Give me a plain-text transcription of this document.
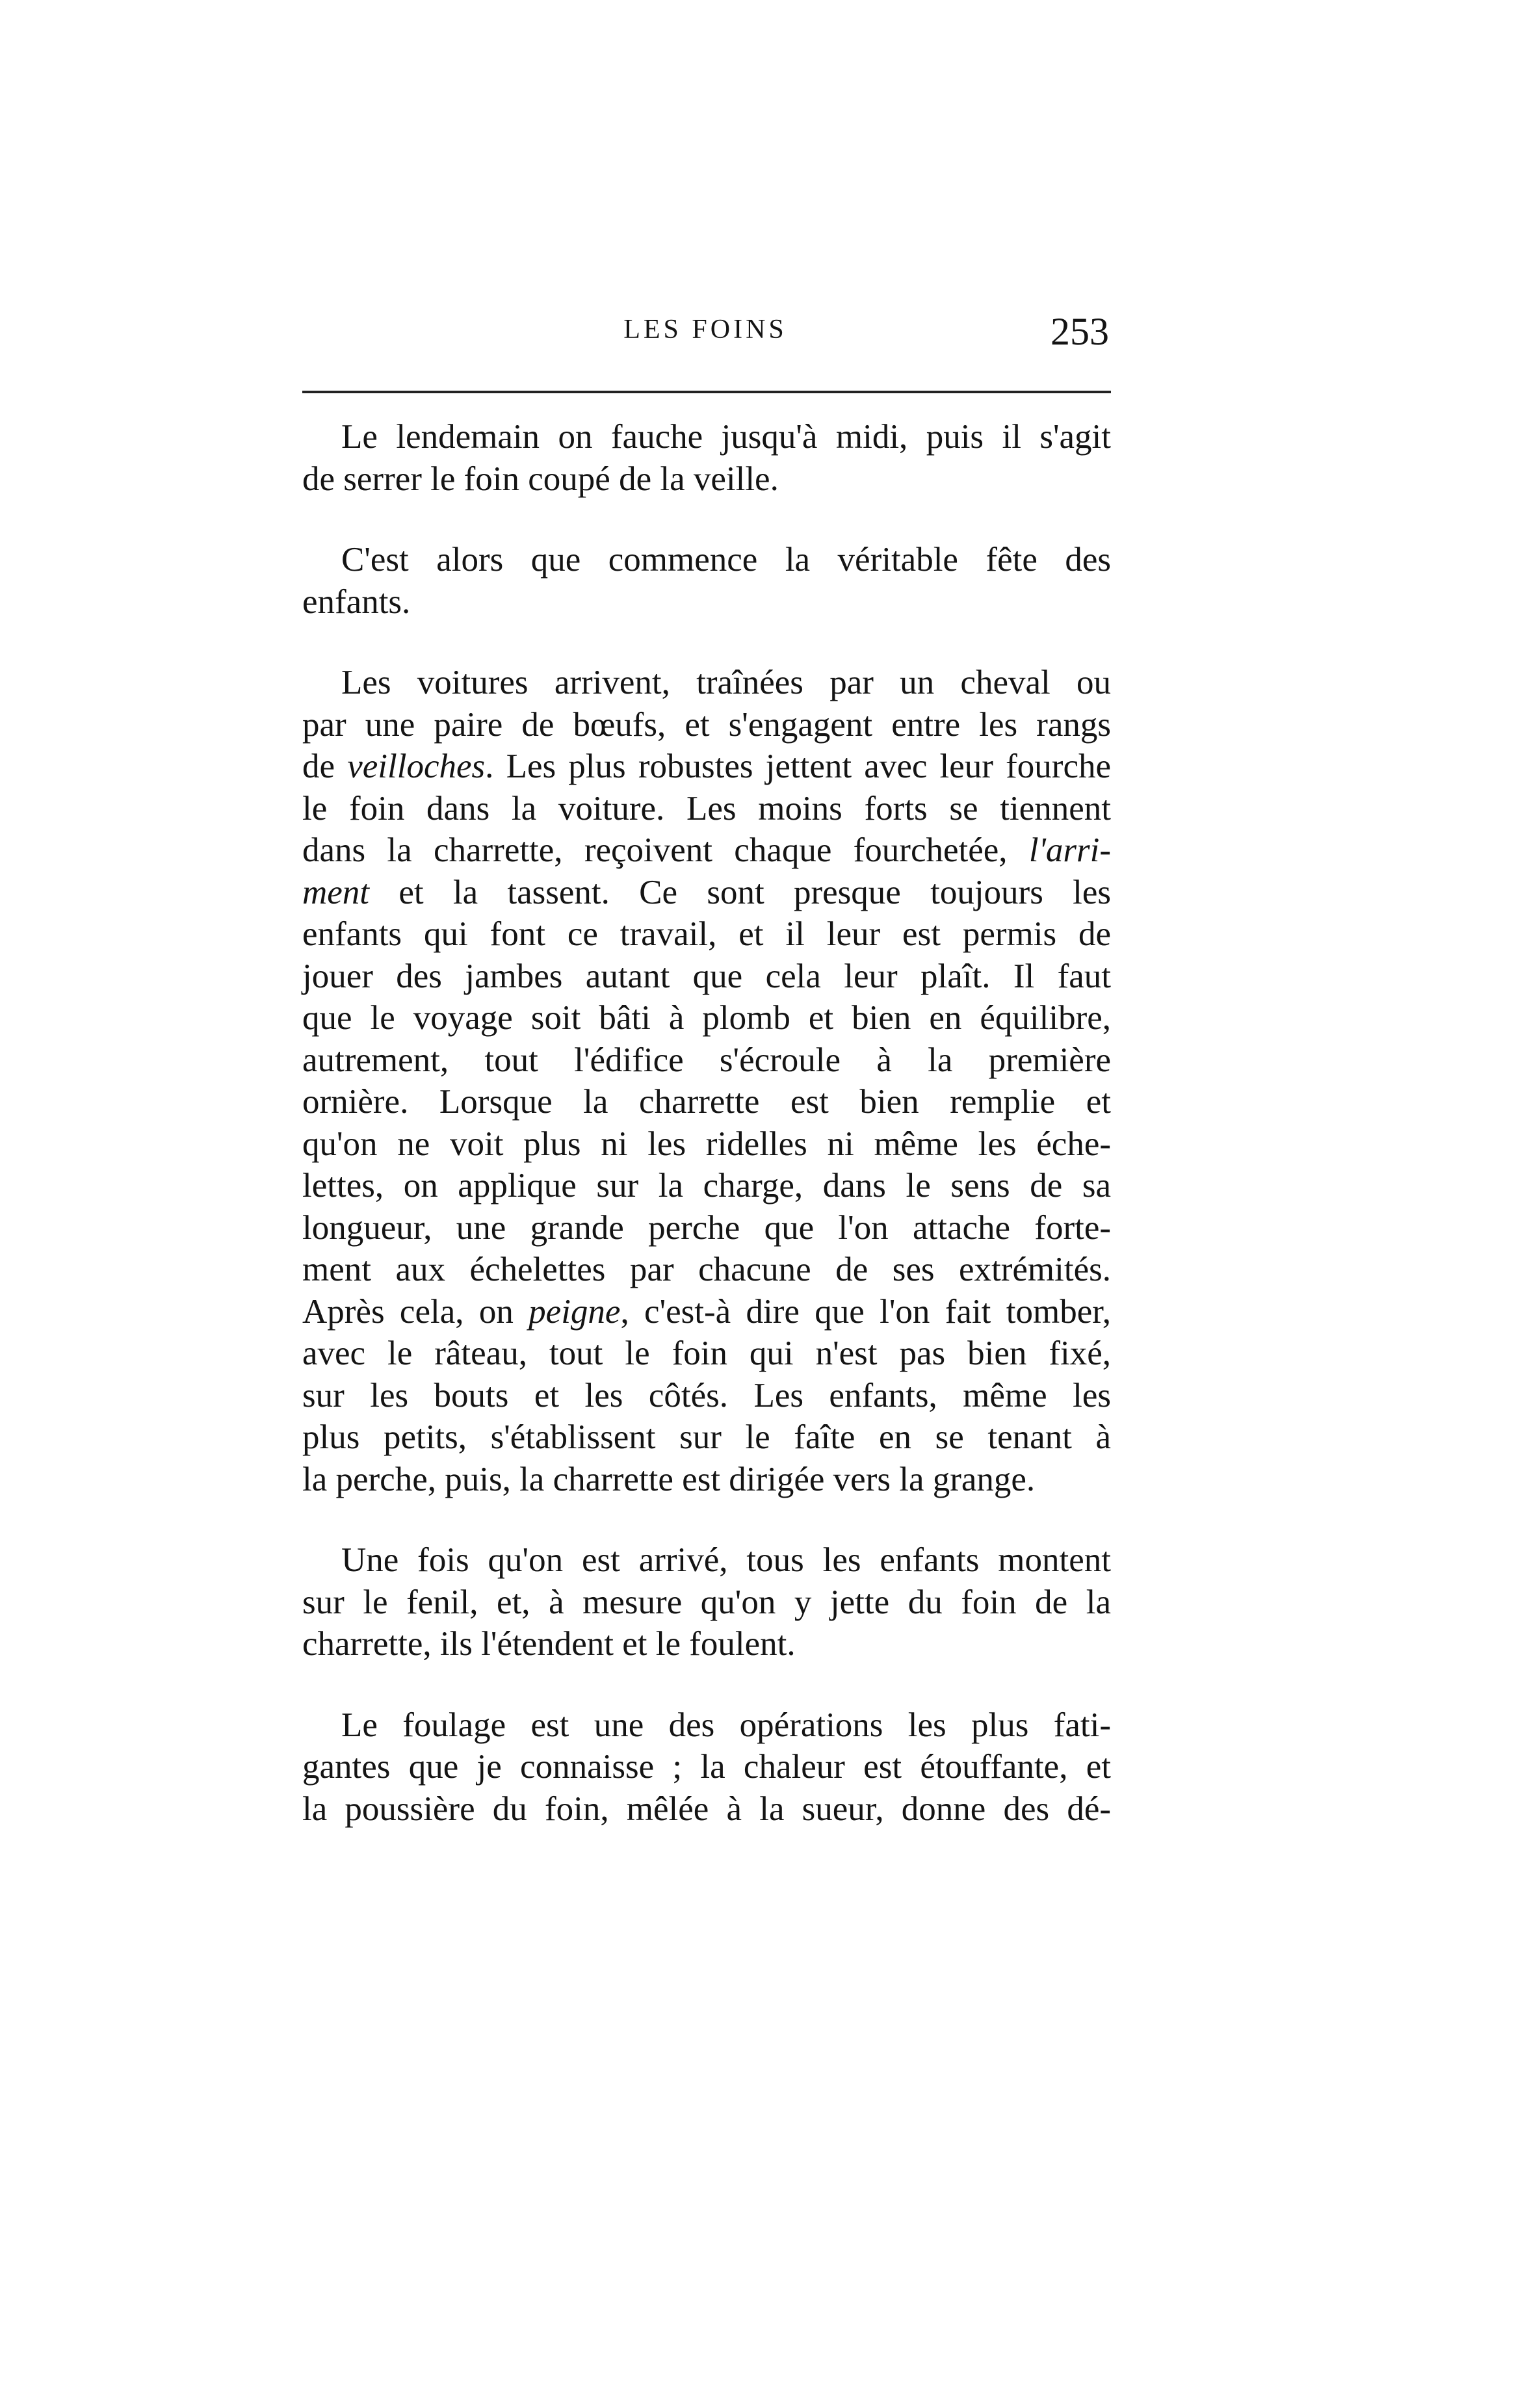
LES FOINS	253

Le lendemain on fauche jusqu'à midi, puis il s'agit
de serrer le foin coupé de la veille.

C'est alors que commence la véritable fête des
enfants.

Les voitures arrivent, traînées par un cheval ou
par une paire de bœufs, et s'engagent entre les rangs
de veilloches. Les plus robustes jettent avec leur fourche
le foin dans la voiture. Les moins forts se tiennent
dans la charrette, reçoivent chaque fourchetée, l'arri-
ment et la tassent. Ce sont presque toujours les
enfants qui font ce travail, et il leur est permis de
jouer des jambes autant que cela leur plaît. Il faut
que le voyage soit bâti à plomb et bien en équilibre,
autrement, tout l'édifice s'écroule à la première
ornière. Lorsque la charrette est bien remplie et
qu'on ne voit plus ni les ridelles ni même les éche-
lettes, on applique sur la charge, dans le sens de sa
longueur, une grande perche que l'on attache forte-
ment aux échelettes par chacune de ses extrémités.
Après cela, on peigne, c'est-à dire que l'on fait tomber,
avec le râteau, tout le foin qui n'est pas bien fixé,
sur les bouts et les côtés. Les enfants, même les
plus petits, s'établissent sur le faîte en se tenant à
la perche, puis, la charrette est dirigée vers la grange.

Une fois qu'on est arrivé, tous les enfants montent
sur le fenil, et, à mesure qu'on y jette du foin de la
charrette, ils l'étendent et le foulent.

Le foulage est une des opérations les plus fati-
gantes que je connaisse ; la chaleur est étouffante, et
la poussière du foin, mêlée à la sueur, donne des dé-
